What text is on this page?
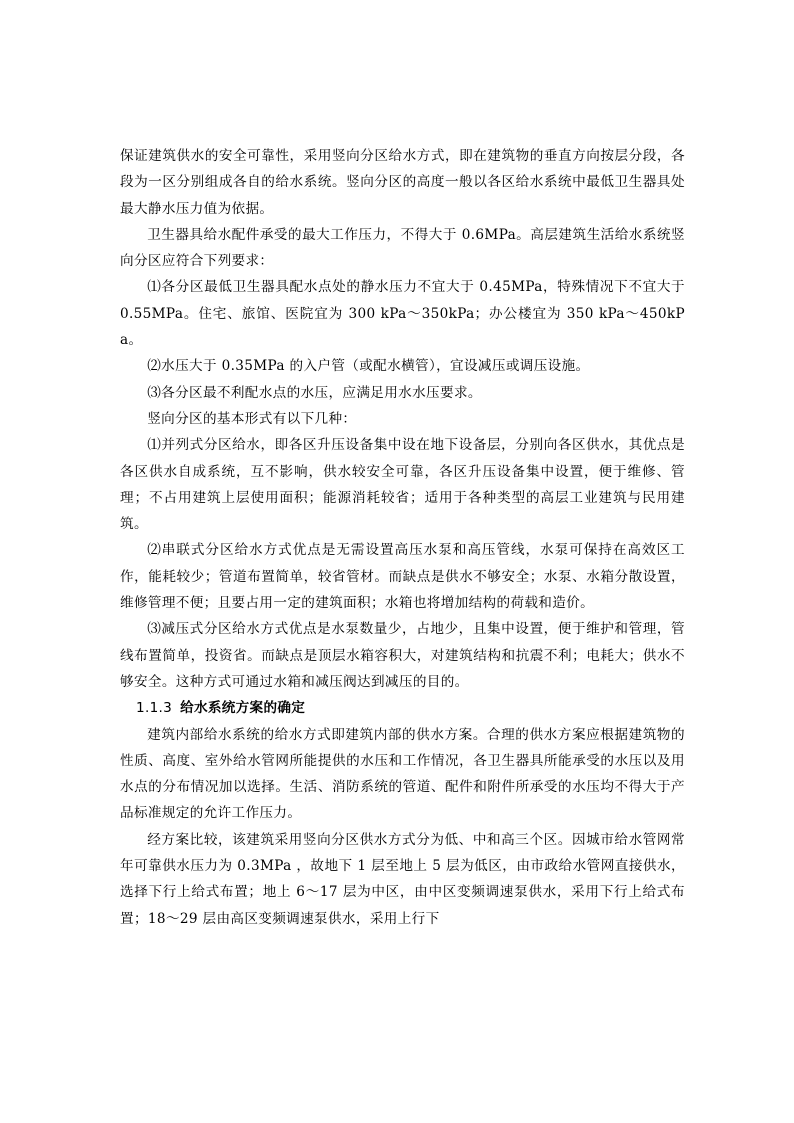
保证建筑供水的安全可靠性，采用竖向分区给水方式，即在建筑物的垂直方向按层分段，各段为一区分别组成各自的给水系统。竖向分区的高度一般以各区给水系统中最低卫生器具处最大静水压力值为依据。

卫生器具给水配件承受的最大工作压力，不得大于 0.6MPa。高层建筑生活给水系统竖向分区应符合下列要求：

⑴各分区最低卫生器具配水点处的静水压力不宜大于 0.45MPa，特殊情况下不宜大于 0.55MPa。住宅、旅馆、医院宜为 300 kPa～350kPa；办公楼宜为 350 kPa～450kPa。

⑵水压大于 0.35MPa 的入户管（或配水横管），宜设减压或调压设施。

⑶各分区最不利配水点的水压，应满足用水水压要求。

竖向分区的基本形式有以下几种：

⑴并列式分区给水，即各区升压设备集中设在地下设备层，分别向各区供水，其优点是各区供水自成系统，互不影响，供水较安全可靠，各区升压设备集中设置，便于维修、管理；不占用建筑上层使用面积；能源消耗较省；适用于各种类型的高层工业建筑与民用建筑。

⑵串联式分区给水方式优点是无需设置高压水泵和高压管线，水泵可保持在高效区工作，能耗较少；管道布置简单，较省管材。而缺点是供水不够安全；水泵、水箱分散设置，维修管理不便；且要占用一定的建筑面积；水箱也将增加结构的荷载和造价。

⑶减压式分区给水方式优点是水泵数量少，占地少，且集中设置，便于维护和管理，管线布置简单，投资省。而缺点是顶层水箱容积大，对建筑结构和抗震不利；电耗大；供水不够安全。这种方式可通过水箱和减压阀达到减压的目的。

1.1.3 给水系统方案的确定

建筑内部给水系统的给水方式即建筑内部的供水方案。合理的供水方案应根据建筑物的性质、高度、室外给水管网所能提供的水压和工作情况，各卫生器具所能承受的水压以及用水点的分布情况加以选择。生活、消防系统的管道、配件和附件所承受的水压均不得大于产品标准规定的允许工作压力。

经方案比较，该建筑采用竖向分区供水方式分为低、中和高三个区。因城市给水管网常年可靠供水压力为 0.3MPa ，故地下 1 层至地上 5 层为低区，由市政给水管网直接供水，选择下行上给式布置；地上 6～17 层为中区，由中区变频调速泵供水，采用下行上给式布置；18～29 层由高区变频调速泵供水，采用上行下
